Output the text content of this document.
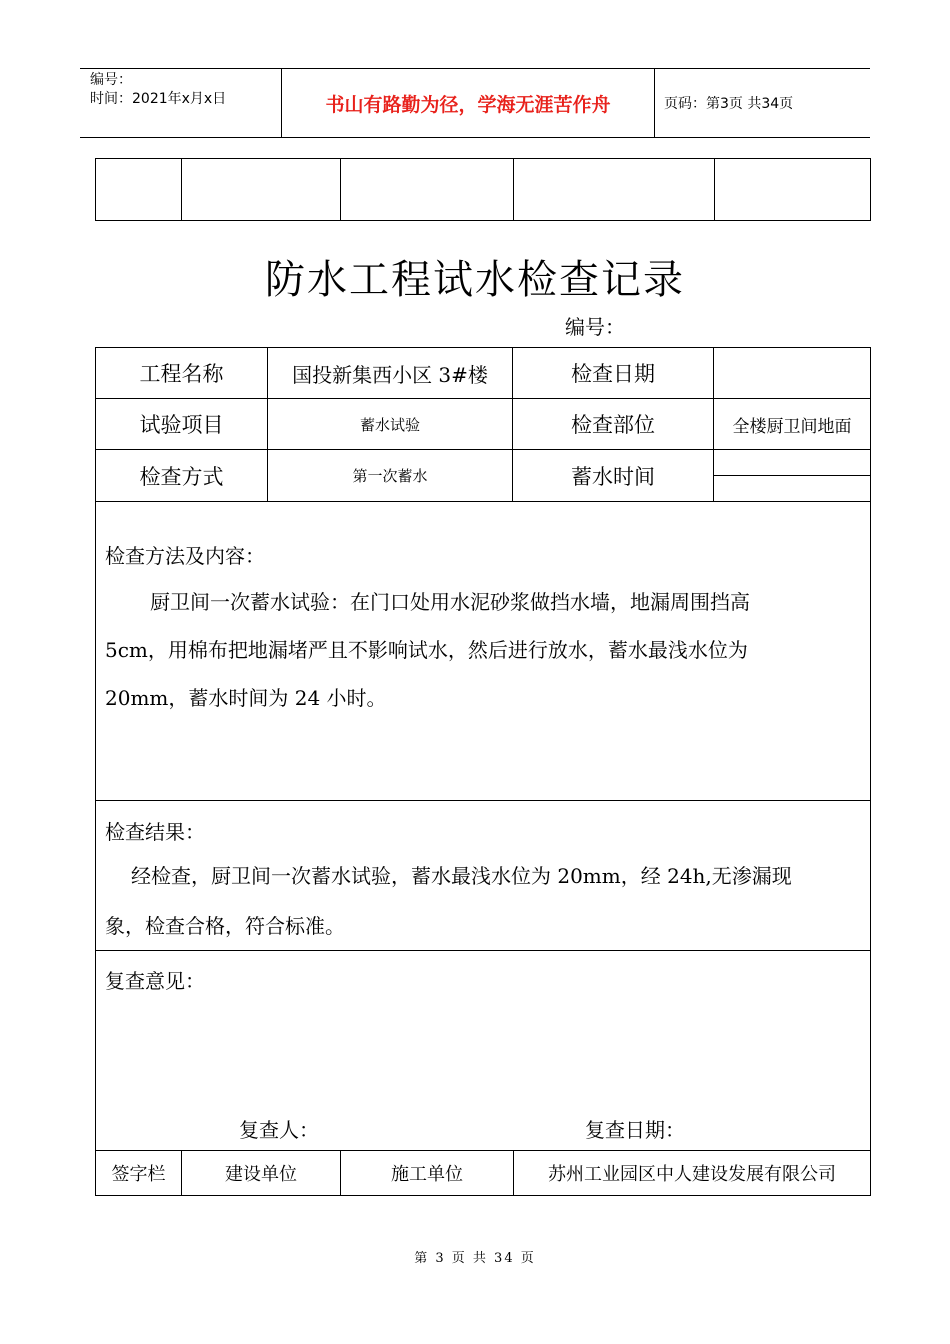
编号：
时间：2021年x月x日	书山有路勤为径，学海无涯苦作舟	页码：第3页 共34页

防水工程试水检查记录
编号：
工程名称	国投新集西小区 3#楼	检查日期	
试验项目	蓄水试验	检查部位	全楼厨卫间地面
检查方式	第一次蓄水	蓄水时间	

检查方法及内容：

厨卫间一次蓄水试验：在门口处用水泥砂浆做挡水墙，地漏周围挡高

5cm，用棉布把地漏堵严且不影响试水，然后进行放水，蓄水最浅水位为

20mm，蓄水时间为 24 小时。

检查结果：

经检查，厨卫间一次蓄水试验，蓄水最浅水位为 20mm，经 24h,无渗漏现

象，检查合格，符合标准。

复查意见：

复查人：	复查日期：

签字栏	建设单位	施工单位	苏州工业园区中人建设发展有限公司
第 3 页 共 34 页
